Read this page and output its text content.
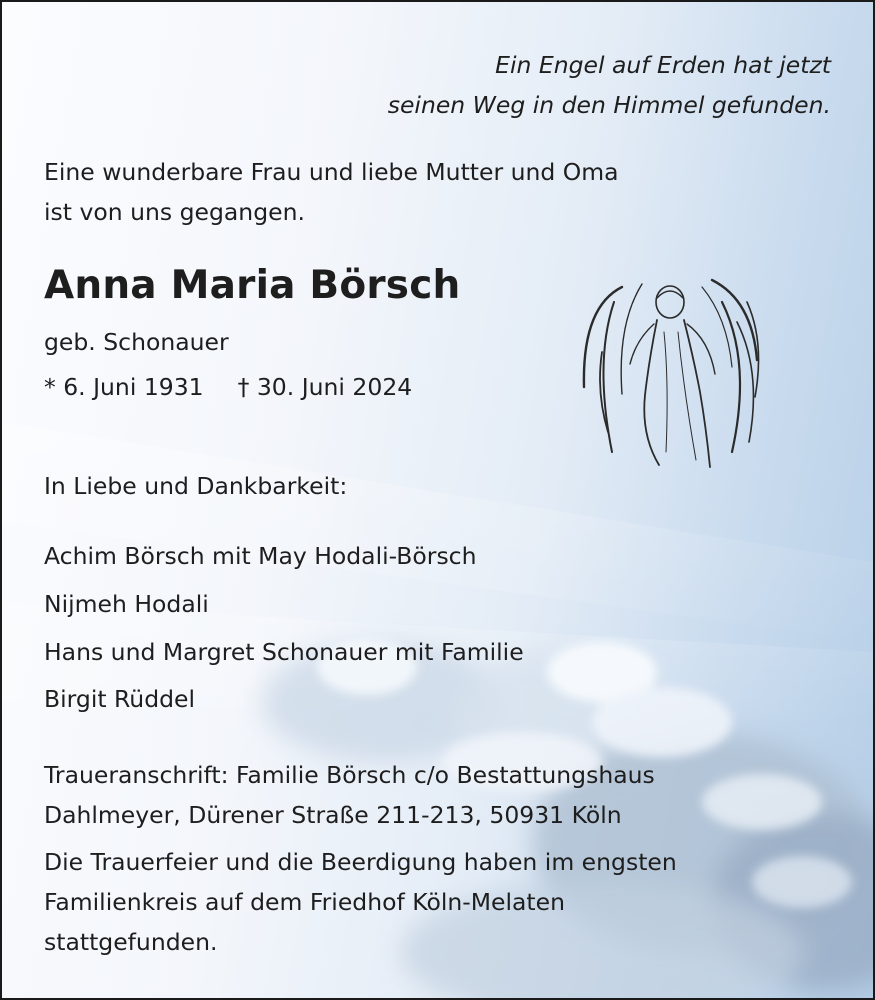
Ein Engel auf Erden hat jetzt

seinen Weg in den Himmel gefunden.

Eine wunderbare Frau und liebe Mutter und Oma

ist von uns gegangen.

Anna Maria Börsch

geb. Schonauer

* 6. Juni 1931 † 30. Juni 2024

In Liebe und Dankbarkeit:

Achim Börsch mit May Hodali-Börsch

Nijmeh Hodali

Hans und Margret Schonauer mit Familie

Birgit Rüddel

Traueranschrift: Familie Börsch c/o Bestattungshaus

Dahlmeyer, Dürener Straße 211-213, 50931 Köln

Die Trauerfeier und die Beerdigung haben im engsten

Familienkreis auf dem Friedhof Köln-Melaten

stattgefunden.
